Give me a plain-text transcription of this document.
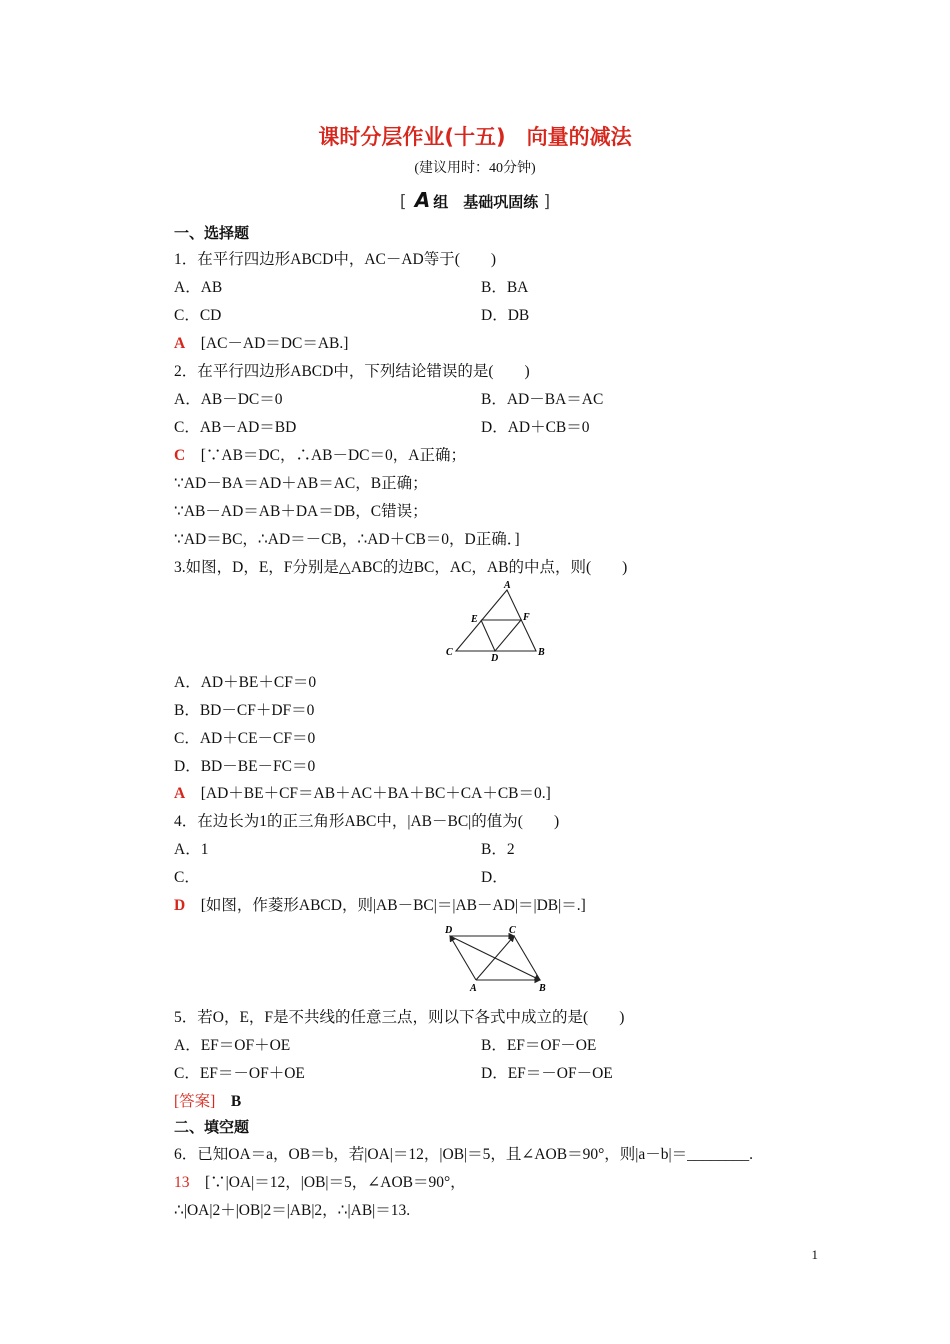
课时分层作业(十五)　向量的减法
(建议用时：40分钟)
[ A 组　基础巩固练 ]
一、选择题
1．在平行四边形ABCD中，AC－AD等于(　　)
A．AB	B．BA
C．CD	D．DB
A　 [AC－AD＝DC＝AB.]
2．在平行四边形ABCD中，下列结论错误的是(　　)
A．AB－DC＝0	B．AD－BA＝AC
C．AB－AD＝BD	D．AD＋CB＝0
C　 [∵AB＝DC，∴AB－DC＝0，A正确；
∵AD－BA＝AD＋AB＝AC，B正确；
∵AB－AD＝AB＋DA＝DB，C错误；
∵AD＝BC，∴AD＝－CB，∴AD＋CB＝0，D正确．]
3.如图，D，E，F分别是△ABC的边BC，AC，AB的中点，则(　　)
A
B
C
D
E	F
A．AD＋BE＋CF＝0
B．BD－CF＋DF＝0
C．AD＋CE－CF＝0
D．BD－BE－FC＝0
A　 [AD＋BE＋CF＝AB＋AC＋BA＋BC＋CA＋CB＝0.]
4．在边长为1的正三角形ABC中，|AB－BC|的值为(　　)
A．1	B．2
C．	D．
D　 [如图，作菱形ABCD，则|AB－BC|＝|AB－AD|＝|DB|＝.]
A	B
C
D
5．若O，E，F是不共线的任意三点，则以下各式中成立的是(　　)
A．EF＝OF＋OE	B．EF＝OF－OE
C．EF＝－OF＋OE	D．EF＝－OF－OE
[答案]　 B
二、填空题
6．已知OA＝a，OB＝b，若|OA|＝12，|OB|＝5，且∠AOB＝90°，则|a－b|＝________.
13　 [∵|OA|＝12，|OB|＝5，∠AOB＝90°，
∴|OA|2＋|OB|2＝|AB|2，∴|AB|＝13.
1
